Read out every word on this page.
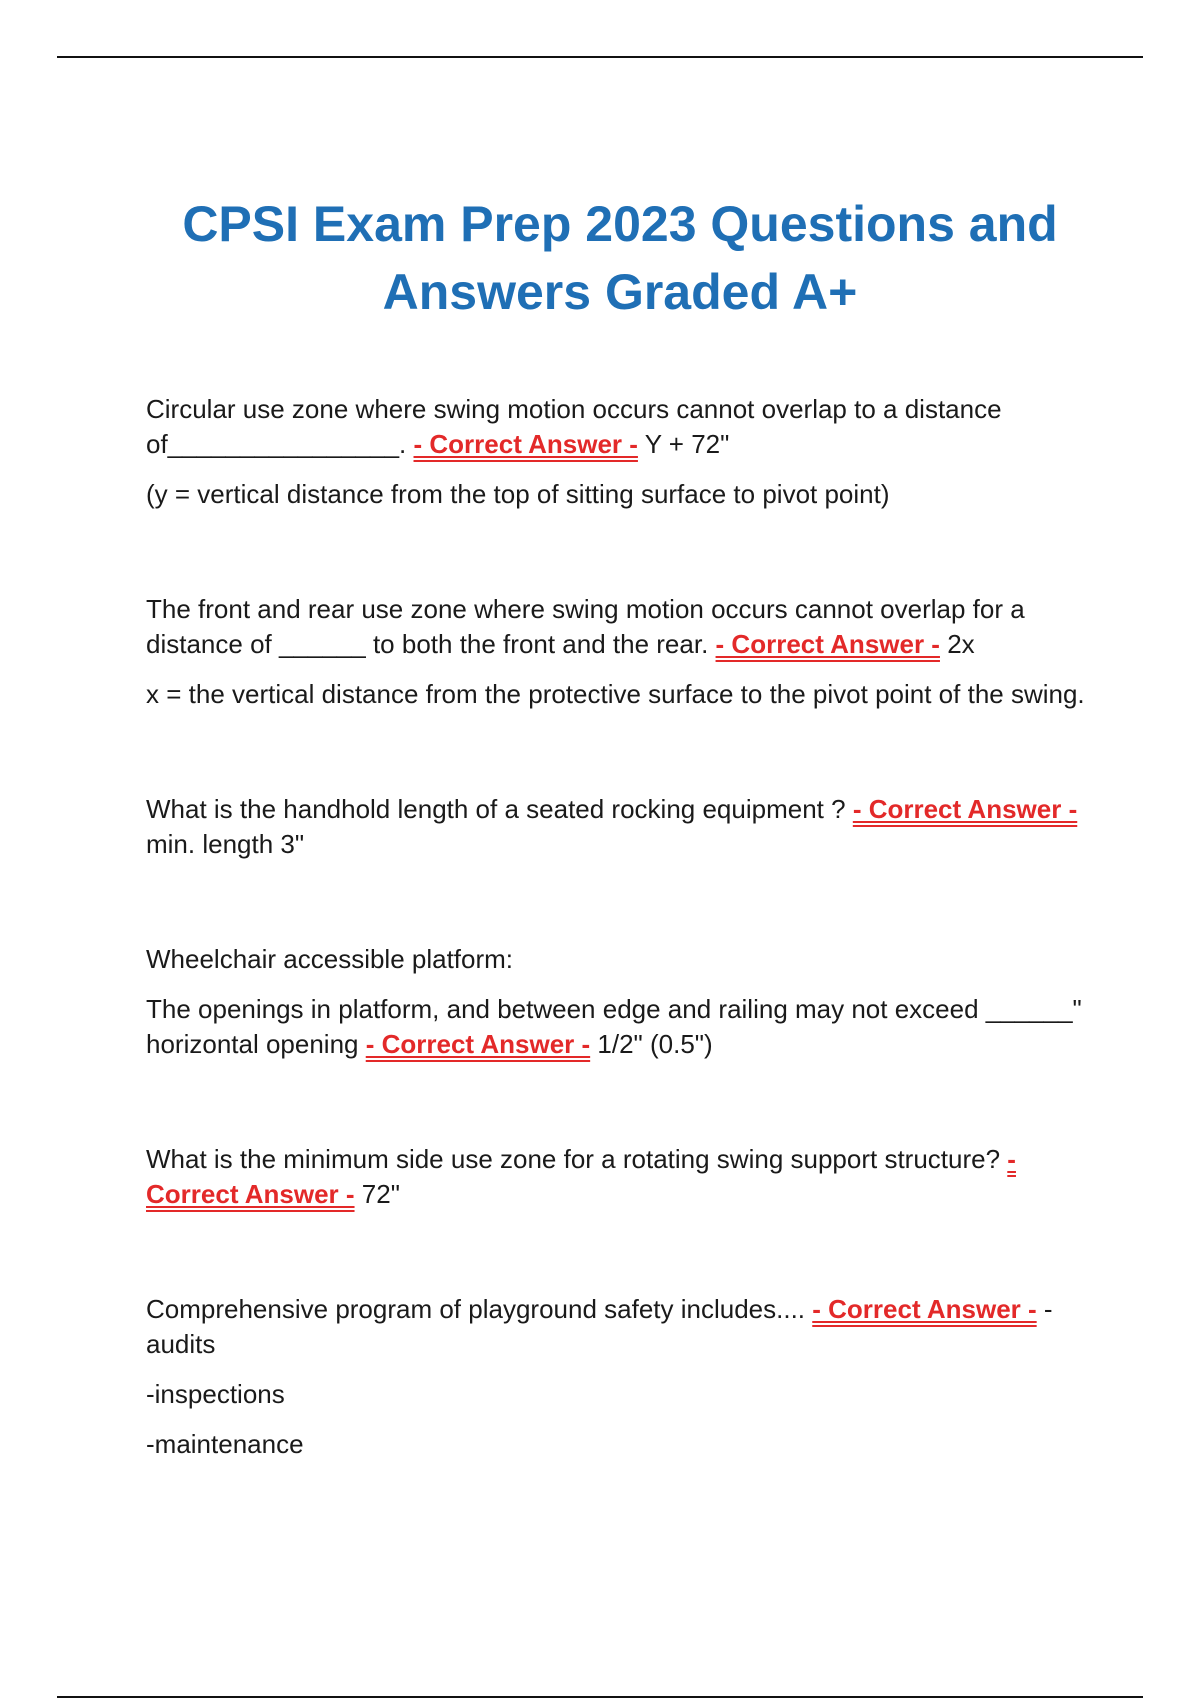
CPSI Exam Prep 2023 Questions and Answers Graded A+

Circular use zone where swing motion occurs cannot overlap to a distance of________________. - Correct Answer - Y + 72"

(y = vertical distance from the top of sitting surface to pivot point)

The front and rear use zone where swing motion occurs cannot overlap for a distance of ______ to both the front and the rear. - Correct Answer - 2x

x = the vertical distance from the protective surface to the pivot point of the swing.

What is the handhold length of a seated rocking equipment ? - Correct Answer - min. length 3"

Wheelchair accessible platform:

The openings in platform, and between edge and railing may not exceed ______" horizontal opening - Correct Answer - 1/2" (0.5")

What is the minimum side use zone for a rotating swing support structure? - Correct Answer - 72"

Comprehensive program of playground safety includes.... - Correct Answer - - audits

-inspections

-maintenance
